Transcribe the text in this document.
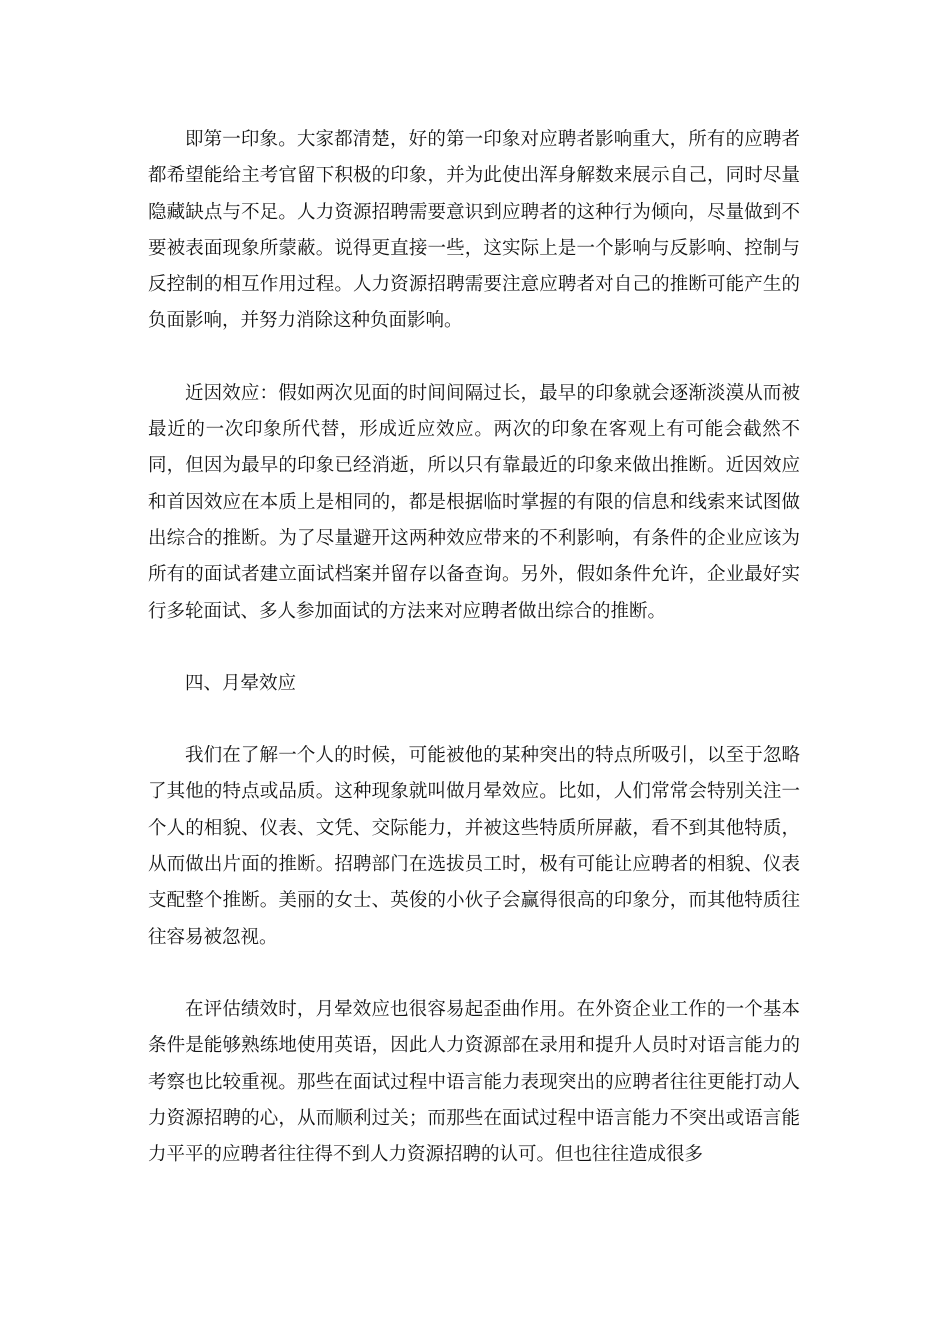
即第一印象。大家都清楚，好的第一印象对应聘者影响重大，所有的应聘者都希望能给主考官留下积极的印象，并为此使出浑身解数来展示自己，同时尽量隐藏缺点与不足。人力资源招聘需要意识到应聘者的这种行为倾向，尽量做到不要被表面现象所蒙蔽。说得更直接一些，这实际上是一个影响与反影响、控制与反控制的相互作用过程。人力资源招聘需要注意应聘者对自己的推断可能产生的负面影响，并努力消除这种负面影响。

近因效应：假如两次见面的时间间隔过长，最早的印象就会逐渐淡漠从而被最近的一次印象所代替，形成近应效应。两次的印象在客观上有可能会截然不同，但因为最早的印象已经消逝，所以只有靠最近的印象来做出推断。近因效应和首因效应在本质上是相同的，都是根据临时掌握的有限的信息和线索来试图做出综合的推断。为了尽量避开这两种效应带来的不利影响，有条件的企业应该为所有的面试者建立面试档案并留存以备查询。另外，假如条件允许，企业最好实行多轮面试、多人参加面试的方法来对应聘者做出综合的推断。

四、月晕效应

我们在了解一个人的时候，可能被他的某种突出的特点所吸引，以至于忽略了其他的特点或品质。这种现象就叫做月晕效应。比如，人们常常会特别关注一个人的相貌、仪表、文凭、交际能力，并被这些特质所屏蔽，看不到其他特质，从而做出片面的推断。招聘部门在选拔员工时，极有可能让应聘者的相貌、仪表支配整个推断。美丽的女士、英俊的小伙子会赢得很高的印象分，而其他特质往往容易被忽视。

在评估绩效时，月晕效应也很容易起歪曲作用。在外资企业工作的一个基本条件是能够熟练地使用英语，因此人力资源部在录用和提升人员时对语言能力的考察也比较重视。那些在面试过程中语言能力表现突出的应聘者往往更能打动人力资源招聘的心，从而顺利过关；而那些在面试过程中语言能力不突出或语言能力平平的应聘者往往得不到人力资源招聘的认可。但也往往造成很多
